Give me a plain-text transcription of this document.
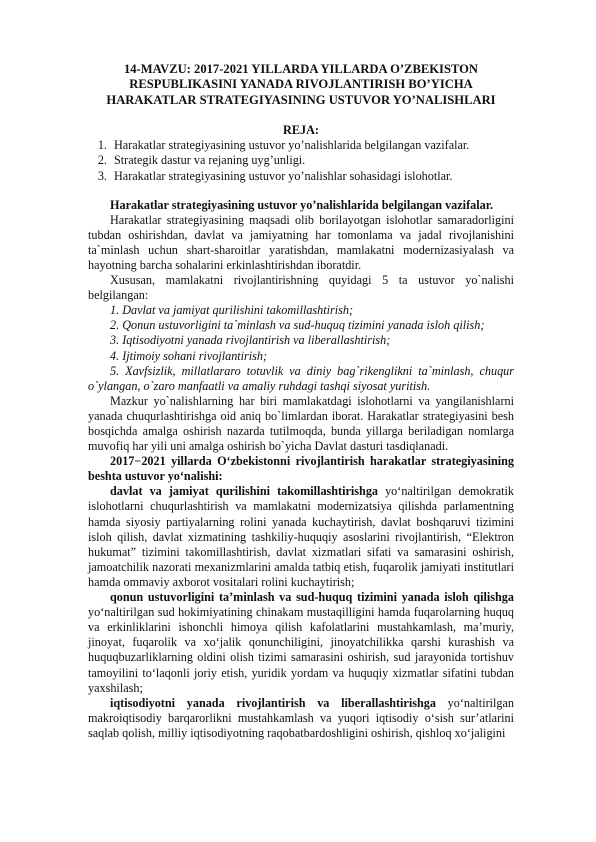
14-MAVZU: 2017-2021 YILLARDA YILLARDA O’ZBEKISTON
RESPUBLIKASINI YANADA RIVOJLANTIRISH BO’YICHA
HARAKATLAR STRATEGIYASINING USTUVOR YO’NALISHLARI
REJA:
1. Harakatlar strategiyasining ustuvor yo’nalishlarida belgilangan vazifalar.
2. Strategik dastur va rejaning uyg’unligi.
3. Harakatlar strategiyasining ustuvor yo’nalishlar sohasidagi islohotlar.

Harakatlar strategiyasining ustuvor yo’nalishlarida belgilangan vazifalar.

Harakatlar strategiyasining maqsadi olib borilayotgan islohotlar samaradorligini tubdan oshirishdan, davlat va jamiyatning har tomonlama va jadal rivojlanishini ta`minlash uchun shart-sharoitlar yaratishdan, mamlakatni modernizasiyalash va hayotning barcha sohalarini erkinlashtirishdan iboratdir.

Xususan, mamlakatni rivojlantirishning quyidagi 5 ta ustuvor yo`nalishi belgilangan:

1. Davlat va jamiyat qurilishini takomillashtirish;

2. Qonun ustuvorligini ta`minlash va sud-huquq tizimini yanada isloh qilish;

3. Iqtisodiyotni yanada rivojlantirish va liberallashtirish;

4. Ijtimoiy sohani rivojlantirish;

5. Xavfsizlik, millatlararo totuvlik va diniy bag`rikenglikni ta`minlash, chuqur o`ylangan, o`zaro manfaatli va amaliy ruhdagi tashqi siyosat yuritish.

Mazkur yo`nalishlarning har biri mamlakatdagi islohotlarni va yangilanishlarni yanada chuqurlashtirishga oid aniq bo`limlardan iborat. Harakatlar strategiyasini besh bosqichda amalga oshirish nazarda tutilmoqda, bunda yillarga beriladigan nomlarga muvofiq har yili uni amalga oshirish bo`yicha Davlat dasturi tasdiqlanadi.

2017−2021 yillarda O‘zbekistonni rivojlantirish harakatlar strategiyasining beshta ustuvor yo‘nalishi:

davlat va jamiyat qurilishini takomillashtirishga yo‘naltirilgan demokratik islohotlarni chuqurlashtirish va mamlakatni modernizatsiya qilishda parlamentning hamda siyosiy partiyalarning rolini yanada kuchaytirish, davlat boshqaruvi tizimini isloh qilish, davlat xizmatining tashkiliy-huquqiy asoslarini rivojlantirish, “Elektron hukumat” tizimini takomillashtirish, davlat xizmatlari sifati va samarasini oshirish, jamoatchilik nazorati mexanizmlarini amalda tatbiq etish, fuqarolik jamiyati institutlari hamda ommaviy axborot vositalari rolini kuchaytirish;

qonun ustuvorligini ta’minlash va sud-huquq tizimini yanada isloh qilishga yo‘naltirilgan sud hokimiyatining chinakam mustaqilligini hamda fuqarolarning huquq va erkinliklarini ishonchli himoya qilish kafolatlarini mustahkamlash, ma’muriy, jinoyat, fuqarolik va xo‘jalik qonunchiligini, jinoyatchilikka qarshi kurashish va huquqbuzarliklarning oldini olish tizimi samarasini oshirish, sud jarayonida tortishuv tamoyilini to‘laqonli joriy etish, yuridik yordam va huquqiy xizmatlar sifatini tubdan yaxshilash;

iqtisodiyotni yanada rivojlantirish va liberallashtirishga yo‘naltirilgan makroiqtisodiy barqarorlikni mustahkamlash va yuqori iqtisodiy o‘sish sur’atlarini saqlab qolish, milliy iqtisodiyotning raqobatbardoshligini oshirish, qishloq xo‘jaligini
